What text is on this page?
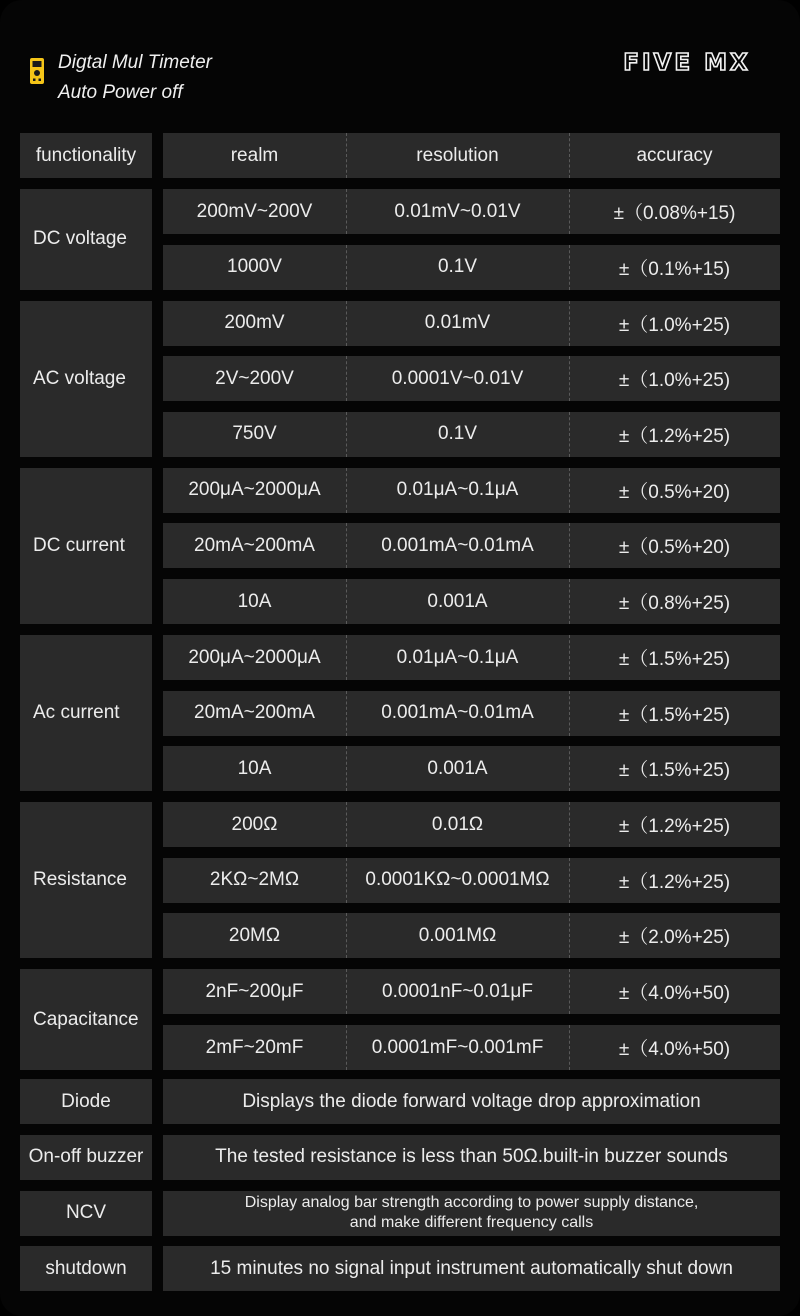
Digtal Mul Timeter
Auto Power off
FIVE MX
functionality	realm	resolution	accuracy
DC voltage
200mV~200V	0.01mV~0.01V	±（0.08%+15)
1000V	0.1V	±（0.1%+15)
AC voltage
200mV	0.01mV	±（1.0%+25)
2V~200V	0.0001V~0.01V	±（1.0%+25)
750V	0.1V	±（1.2%+25)
DC current
200μA~2000μA	0.01μA~0.1μA	±（0.5%+20)
20mA~200mA	0.001mA~0.01mA	±（0.5%+20)
10A	0.001A	±（0.8%+25)
Ac current
200μA~2000μA	0.01μA~0.1μA	±（1.5%+25)
20mA~200mA	0.001mA~0.01mA	±（1.5%+25)
10A	0.001A	±（1.5%+25)
Resistance
200Ω	0.01Ω	±（1.2%+25)
2KΩ~2MΩ	0.0001KΩ~0.0001MΩ	±（1.2%+25)
20MΩ	0.001MΩ	±（2.0%+25)
Capacitance
2nF~200μF	0.0001nF~0.01μF	±（4.0%+50)
2mF~20mF	0.0001mF~0.001mF	±（4.0%+50)
Diode	Displays the diode forward voltage drop approximation
On-off buzzer	The tested resistance is less than 50Ω.built-in buzzer sounds
NCV	Display analog bar strength according to power supply distance,
and make different frequency calls
shutdown	15 minutes no signal input instrument automatically shut down
